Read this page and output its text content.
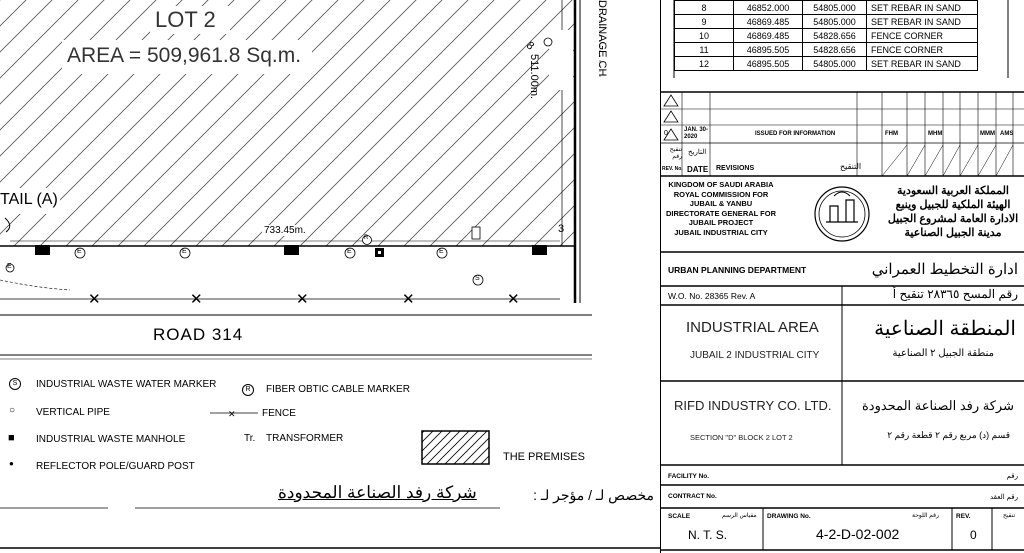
✕	✕	✕	✕	✕
✕
LOT 2
AREA = 509,961.8 Sq.m.	511.00m.
DRAINAGE CH
8
TAIL (A)
733.45m.	3
E	E	E	E
E
S
R
ROAD 314
S	INDUSTRIAL WASTE WATER MARKER	R	FIBER OBTIC CABLE MARKER
○ VERTICAL PIPE	FENCE
■ INDUSTRIAL WASTE MANHOLE	Tr. TRANSFORMER
● REFLECTOR POLE/GUARD POST
THE PREMISES
مخصص لـ / مؤجر لـ :
شركة رفد الصناعة المحدودة
8	46852.000	54805.000	SET REBAR IN SAND
9	46869.485	54805.000	SET REBAR IN SAND
10	46869.485	54828.656	FENCE CORNER
11	46895.505	54828.656	FENCE CORNER
12	46895.505	54805.000	SET REBAR IN SAND
0	JAN. 30-2020	ISSUED FOR INFORMATION	FHM	MHM	MMM AMS
تنقيح رقم
REV. No.
التاريخ
DATE REVISIONS	التنقيح
KINGDOM OF SAUDI ARABIA
ROYAL COMMISSION FOR
JUBAIL & YANBU
DIRECTORATE GENERAL FOR
JUBAIL PROJECT
JUBAIL INDUSTRIAL CITY
المملكة العربية السعودية
الهيئة الملكية للجبيل وينبع
الادارة العامة لمشروع الجبيل
مدينة الجبيل الصناعية
URBAN PLANNING DEPARTMENT	ادارة التخطيط العمراني
W.O. No. 28365 Rev. A	رقم المسح ٢٨٣٦٥ تنقيح أ
INDUSTRIAL AREA	المنطقة الصناعية
JUBAIL 2 INDUSTRIAL CITY	منطقة الجبيل ٢ الصناعية
RIFD INDUSTRY CO. LTD. شركة رفد الصناعة المحدودة
SECTION "D" BLOCK 2 LOT 2	قسم (د) مربع رقم ٢ قطعة رقم ٢
FACILITY No.	رقم
CONTRACT No.	رقم العقد
SCALE	مقياس الرسم
N. T. S.
DRAWING No.	رقم اللوحة
4-2-D-02-002
REV.	تنقيح
0
